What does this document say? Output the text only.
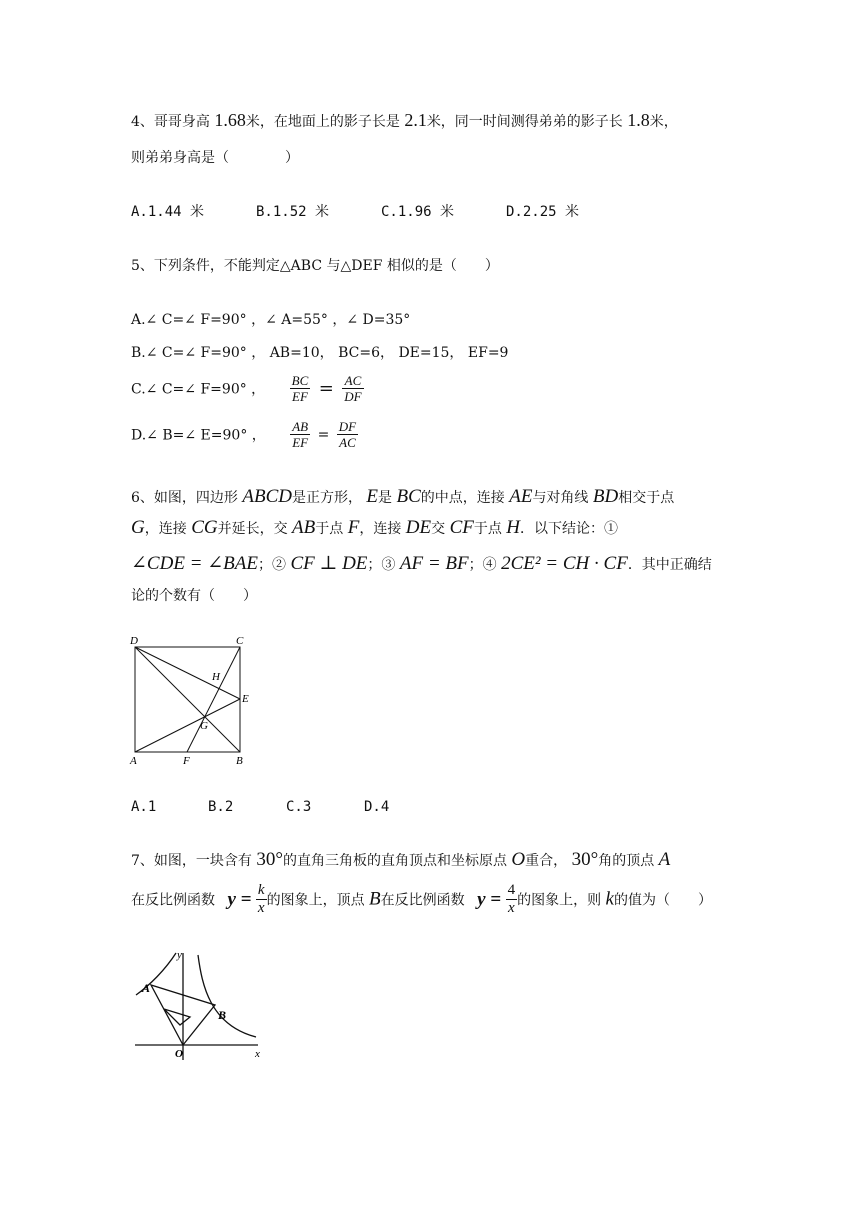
4、哥哥身高 1.68米，在地面上的影子长是 2.1米，同一时间测得弟弟的影子长 1.8米，
则弟弟身高是（　　　　）
A.1.44 米	B.1.52 米	C.1.96 米	D.2.25 米
5、下列条件，不能判定△ABC 与△DEF 相似的是（　　）
A.∠ C=∠ F=90° ，∠ A=55° ，∠ D=35°
B.∠ C=∠ F=90° ， AB=10， BC=6， DE=15， EF=9
C.∠ C=∠ F=90° ， $\frac{BC}{EF} = \frac{AC}{DF}$
D.∠ B=∠ E=90° ， $\frac{AB}{EF} = \frac{DF}{AC}$
6、如图，四边形 ABCD是正方形， E是 BC的中点，连接 AE与对角线 BD相交于点
G，连接 CG并延长，交 AB于点 F，连接 DE交 CF于点 H．以下结论：①
∠CDE = ∠BAE；② CF ⊥ DE；③ AF = BF；④ 2CE² = CH · CF．其中正确结
论的个数有（　　）
D	C
H
E
G
A	F	B
A.1	B.2	C.3	D.4
7、如图，一块含有 30°的直角三角板的直角顶点和坐标原点 O重合， 30°角的顶点 A
在反比例函数 $y = \frac{k}{x}$ 的图象上，顶点 B在反比例函数 $y = \frac{4}{x}$ 的图象上，则 k的值为（　　）
y
A
B
O	x
